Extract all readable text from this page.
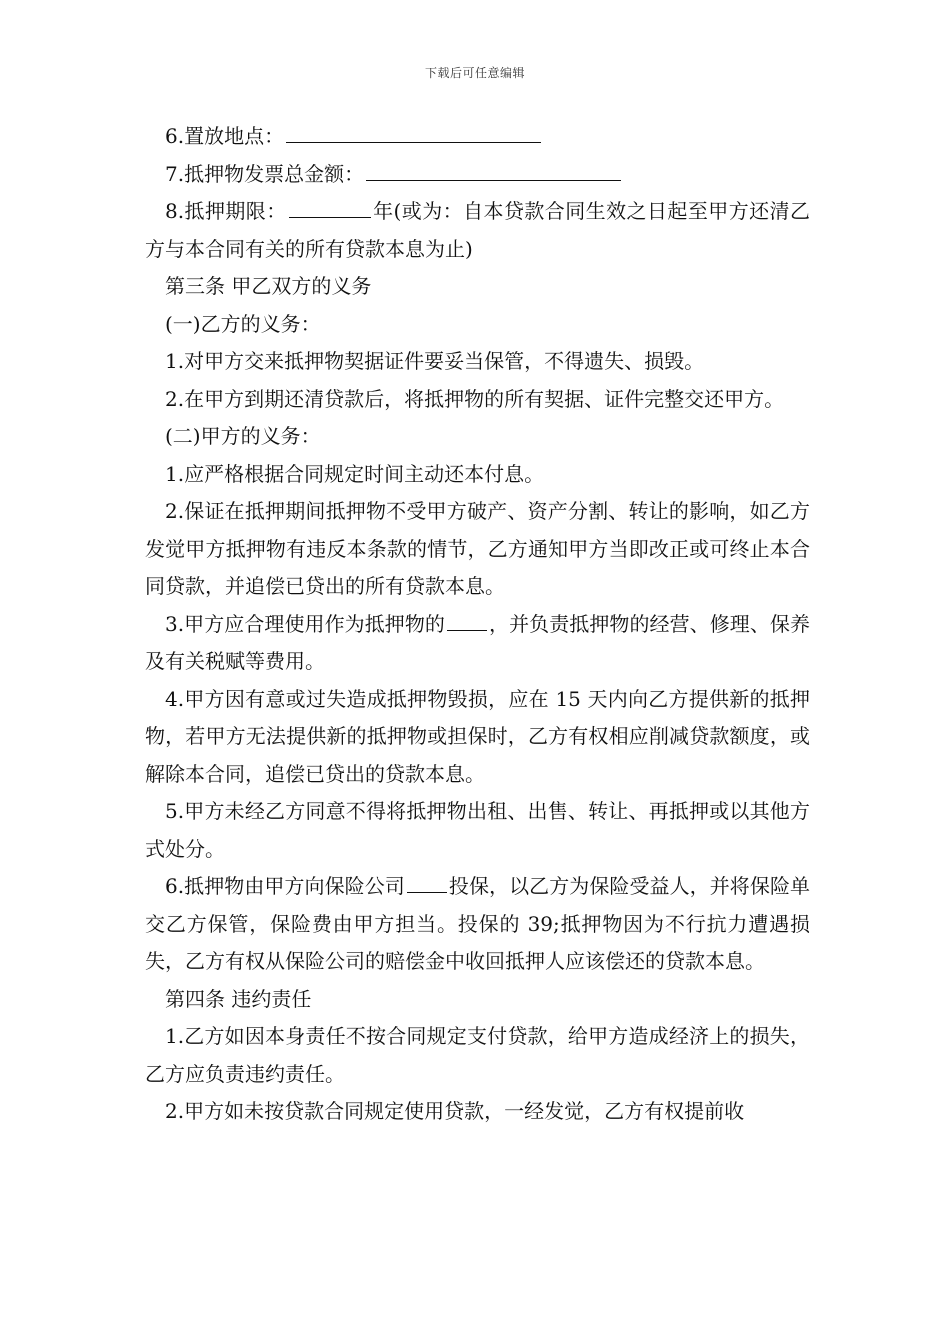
下载后可任意编辑

6.置放地点：

7.抵押物发票总金额：

8.抵押期限：	年(或为：自本贷款合同生效之日起至甲方还清乙方与本合同有关的所有贷款本息为止)

第三条 甲乙双方的义务

(一)乙方的义务：

1.对甲方交来抵押物契据证件要妥当保管，不得遗失、损毁。

2.在甲方到期还清贷款后，将抵押物的所有契据、证件完整交还甲方。

(二)甲方的义务：

1.应严格根据合同规定时间主动还本付息。

2.保证在抵押期间抵押物不受甲方破产、资产分割、转让的影响，如乙方发觉甲方抵押物有违反本条款的情节，乙方通知甲方当即改正或可终止本合同贷款，并追偿已贷出的所有贷款本息。

3.甲方应合理使用作为抵押物的 ，并负责抵押物的经营、修理、保养及有关税赋等费用。

4.甲方因有意或过失造成抵押物毁损，应在 15 天内向乙方提供新的抵押物，若甲方无法提供新的抵押物或担保时，乙方有权相应削减贷款额度，或解除本合同，追偿已贷出的贷款本息。

5.甲方未经乙方同意不得将抵押物出租、出售、转让、再抵押或以其他方式处分。

6.抵押物由甲方向保险公司 投保，以乙方为保险受益人，并将保险单交乙方保管，保险费由甲方担当。投保的 39;抵押物因为不行抗力遭遇损失，乙方有权从保险公司的赔偿金中收回抵押人应该偿还的贷款本息。

第四条 违约责任

1.乙方如因本身责任不按合同规定支付贷款，给甲方造成经济上的损失，乙方应负责违约责任。

2.甲方如未按贷款合同规定使用贷款，一经发觉，乙方有权提前收
